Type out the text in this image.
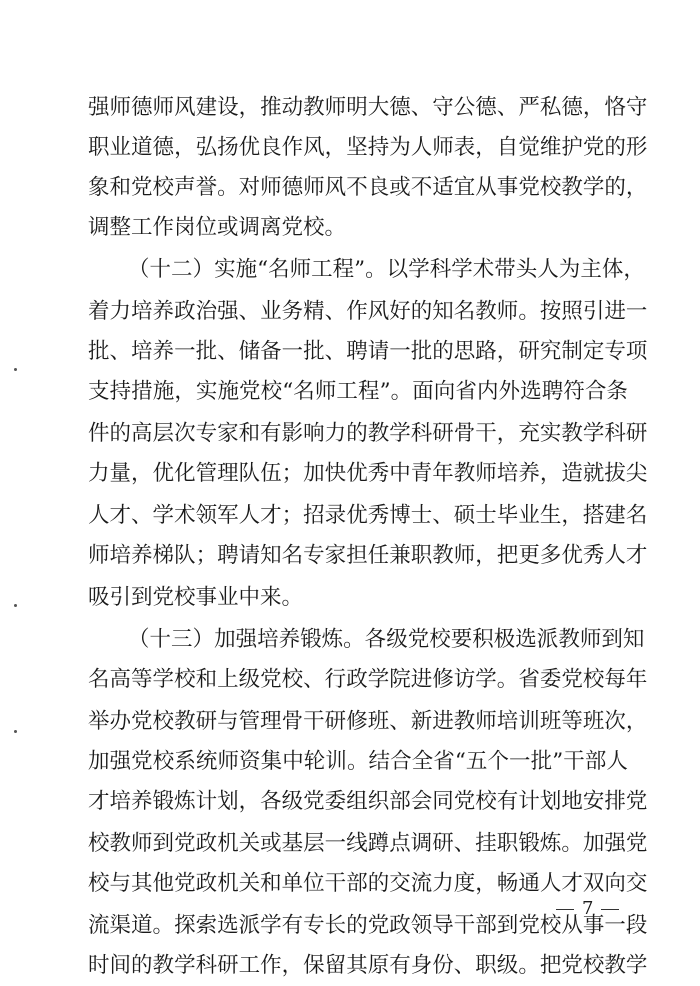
强 师 德 师 风 建 设 ， 推 动 教 师 明 大 德 、 守 公 德 、 严 私 德 ， 恪 守
职 业 道 德 ， 弘 扬 优 良 作 风 ， 坚 持 为 人 师 表 ， 自 觉 维 护 党 的 形
象 和 党 校 声 誉 。 对 师 德 师 风 不 良 或 不 适 宜 从 事 党 校 教 学 的 ，
调整工作岗位或调离党校。
（ 十 二 ） 实 施 “ 名 师 工 程 ” 。 以 学 科 学 术 带 头 人 为 主 体 ，
着 力 培 养 政 治 强 、 业 务 精 、 作 风 好 的 知 名 教 师 。 按 照 引 进 一
批 、 培 养 一 批 、 储 备 一 批 、 聘 请 一 批 的 思 路 ， 研 究 制 定 专 项
支 持 措 施 ， 实 施 党 校 “ 名 师 工 程 ” 。 面 向 省 内 外 选 聘 符 合 条
件 的 高 层 次 专 家 和 有 影 响 力 的 教 学 科 研 骨 干 ， 充 实 教 学 科 研
力 量 ， 优 化 管 理 队 伍 ； 加 快 优 秀 中 青 年 教 师 培 养 ， 造 就 拔 尖
人 才 、 学 术 领 军 人 才 ； 招 录 优 秀 博 士 、 硕 士 毕 业 生 ， 搭 建 名
师 培 养 梯 队 ； 聘 请 知 名 专 家 担 任 兼 职 教 师 ， 把 更 多 优 秀 人 才
吸引到党校事业中来。
（ 十 三 ） 加 强 培 养 锻 炼 。 各 级 党 校 要 积 极 选 派 教 师 到 知
名 高 等 学 校 和 上 级 党 校 、 行 政 学 院 进 修 访 学 。 省 委 党 校 每 年
举 办 党 校 教 研 与 管 理 骨 干 研 修 班 、 新 进 教 师 培 训 班 等 班 次 ，
加 强 党 校 系 统 师 资 集 中 轮 训 。 结 合 全 省 “ 五 个 一 批 ” 干 部 人
才 培 养 锻 炼 计 划 ， 各 级 党 委 组 织 部 会 同 党 校 有 计 划 地 安 排 党
校 教 师 到 党 政 机 关 或 基 层 一 线 蹲 点 调 研 、 挂 职 锻 炼 。 加 强 党
校 与 其 他 党 政 机 关 和 单 位 干 部 的 交 流 力 度 ， 畅 通 人 才 双 向 交
流 渠 道 。 探 索 选 派 学 有 专 长 的 党 政 领 导 干 部 到 党 校 从 事 一 段
时 间 的 教 学 科 研 工 作 ， 保 留 其 原 有 身 份 、 职 级 。 把 党 校 教 学
7
